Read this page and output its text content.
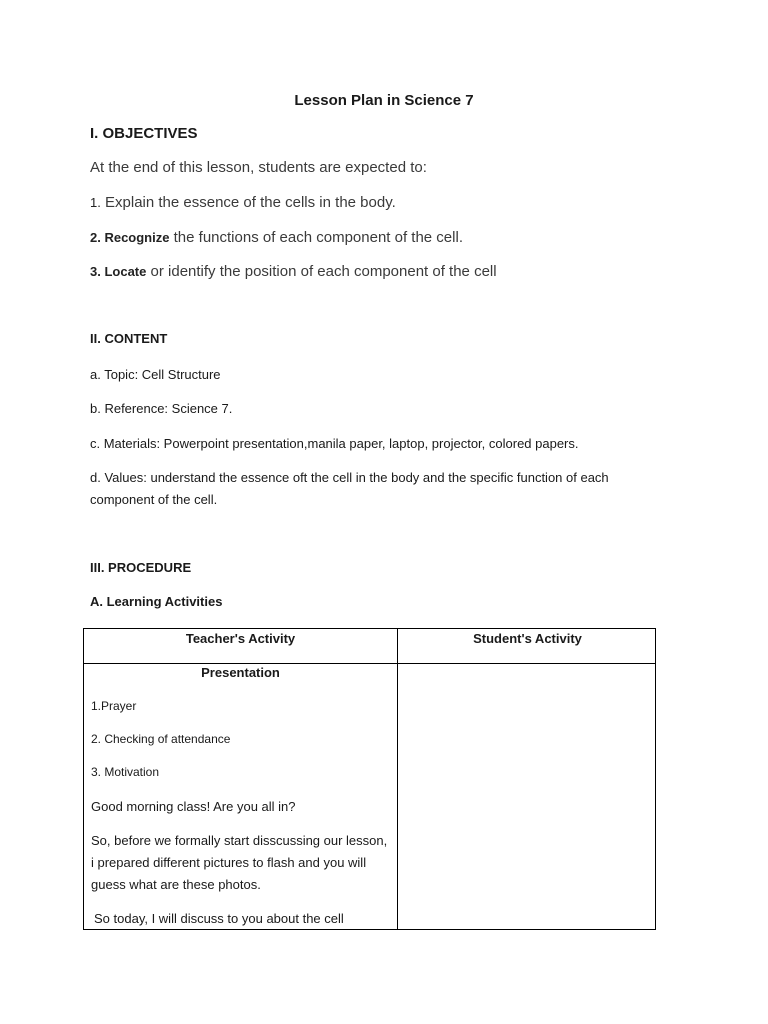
Lesson Plan in Science 7
I. OBJECTIVES
At the end of this lesson, students are expected to:
1. Explain the essence of the cells in the body.
2. Recognize the functions of each component of the cell.
3. Locate or identify the position of each component of the cell
II. CONTENT
a. Topic: Cell Structure
b. Reference: Science 7.
c. Materials: Powerpoint presentation,manila paper, laptop, projector, colored papers.
d. Values: understand the essence oft the cell in the body and the specific function of each component of the cell.
III. PROCEDURE
A. Learning Activities
Teacher's Activity	Student's Activity
Presentation
1.Prayer
2. Checking of attendance
3. Motivation
Good morning class! Are you all in?
So, before we formally start disscussing our lesson, i prepared different pictures to flash and you will guess what are these photos.
So today, I will discuss to you about the cell
